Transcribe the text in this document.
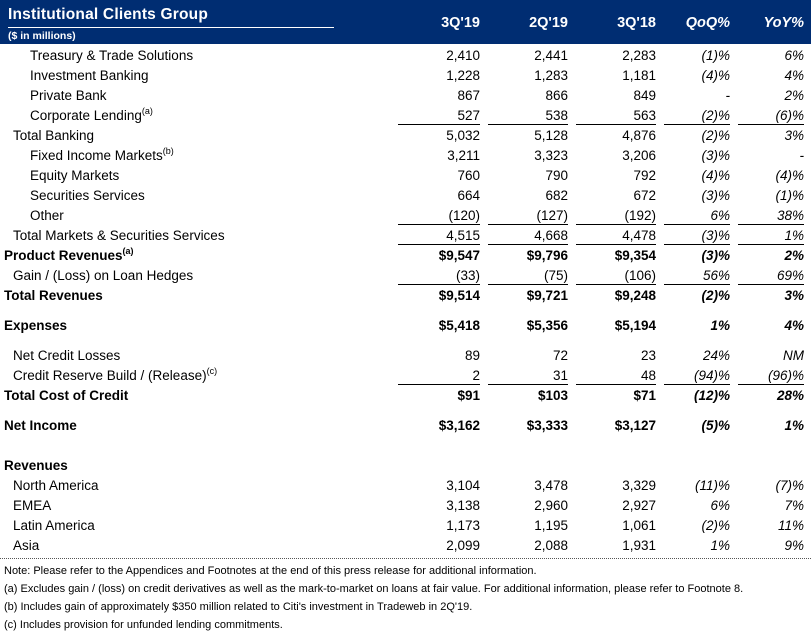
Institutional Clients Group
($ in millions)
3Q'19	2Q'19	3Q'18	QoQ%	YoY%
Treasury & Trade Solutions	2,410	2,441	2,283	(1)%	6%
Investment Banking	1,228	1,283	1,181	(4)%	4%
Private Bank	867	866	849	-	2%
Corporate Lending$^{(a)}$	527	538	563	(2)%	(6)%
Total Banking	5,032	5,128	4,876	(2)%	3%
Fixed Income Markets$^{(b)}$	3,211	3,323	3,206	(3)%	-
Equity Markets	760	790	792	(4)%	(4)%
Securities Services	664	682	672	(3)%	(1)%
Other	(120)	(127)	(192)	6%	38%
Total Markets & Securities Services	4,515	4,668	4,478	(3)%	1%
Product Revenues$^{(a)}$	$9,547	$9,796	$9,354	(3)%	2%
Gain / (Loss) on Loan Hedges	(33)	(75)	(106)	56%	69%
Total Revenues	$9,514	$9,721	$9,248	(2)%	3%
Expenses	$5,418	$5,356	$5,194	1%	4%
Net Credit Losses	89	72	23	24%	NM
Credit Reserve Build / (Release)$^{(c)}$	2	31	48	(94)%	(96)%
Total Cost of Credit	$91	$103	$71	(12)%	28%
Net Income	$3,162	$3,333	$3,127	(5)%	1%
Revenues
North America	3,104	3,478	3,329	(11)%	(7)%
EMEA	3,138	2,960	2,927	6%	7%
Latin America	1,173	1,195	1,061	(2)%	11%
Asia	2,099	2,088	1,931	1%	9%
Note: Please refer to the Appendices and Footnotes at the end of this press release for additional information.
(a) Excludes gain / (loss) on credit derivatives as well as the mark-to-market on loans at fair value. For additional information, please refer to Footnote 8.
(b) Includes gain of approximately $350 million related to Citi's investment in Tradeweb in 2Q'19.
(c) Includes provision for unfunded lending commitments.
